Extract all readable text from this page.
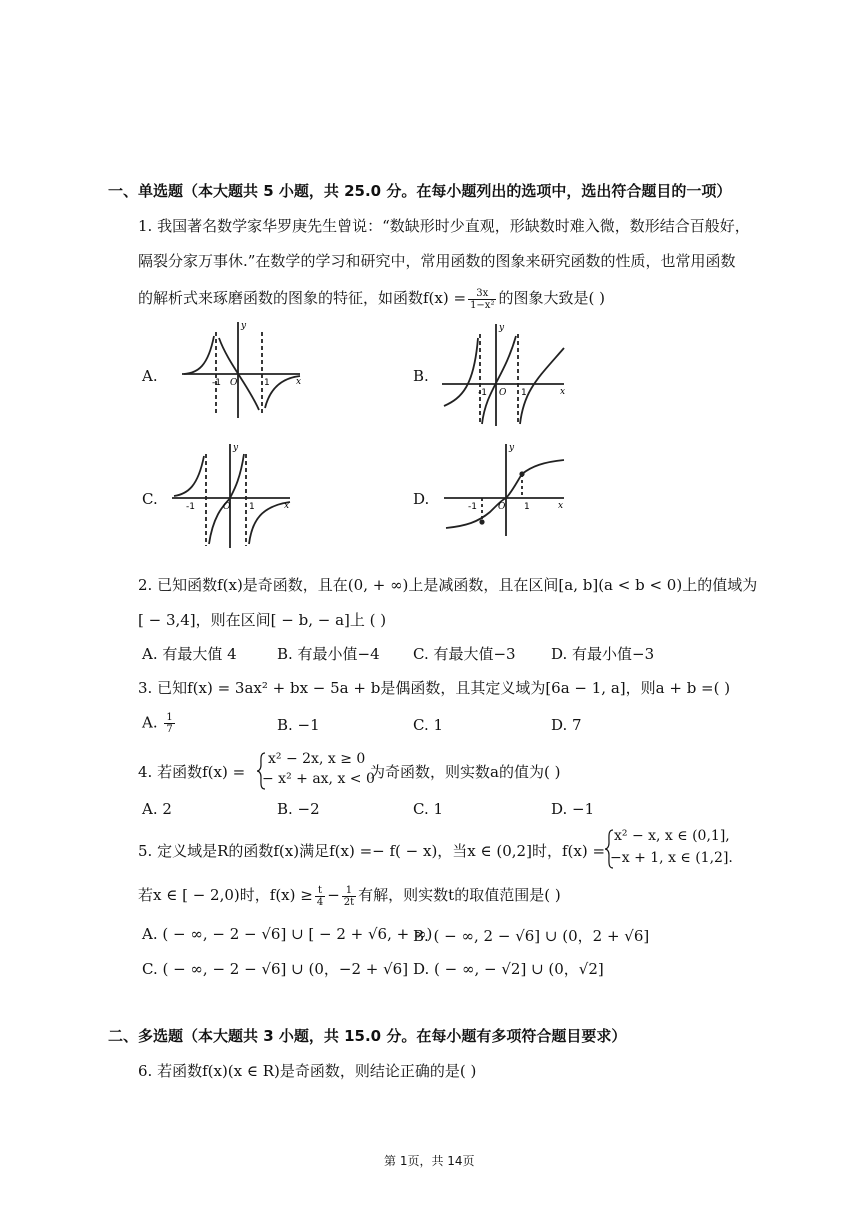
一、单选题（本大题共 5 小题，共 25.0 分。在每小题列出的选项中，选出符合题目的一项）
1. 我国著名数学家华罗庚先生曾说：“数缺形时少直观，形缺数时难入微，数形结合百般好，
隔裂分家万事休.”在数学的学习和研究中，常用函数的图象来研究函数的性质，也常用函数
的解析式来琢磨函数的图象的特征，如函数$f(x) = \frac{3x}{\text{1−x²}}$ 的图象大致是( )
A.	-1 O	1
y
x	B.
-1 O 1
y
x
C.	-1	O 1
y
x	D.	-1 O 1
y
x
2. 已知函数f(x)是奇函数，且在(0, + ∞)上是减函数，且在区间[a, b](a < b < 0)上的值域为
[ − 3,4]，则在区间[ − b, − a]上 ( )
A. 有最大值 4	B. 有最小值−4 C. 有最大值−3 D. 有最小值−3
3. 已知f(x) = 3ax² + bx − 5a + b是偶函数，且其定义域为[6a − 1, a]，则a + b =( )
A. $\frac{1}{7}$	B. −1	C. 1	D. 7
4. 若函数f(x) =
x² − 2x, x ≥ 0
− x² + ax, x < 0
为奇函数，则实数a的值为( )
A. 2	B. −2	C. 1	D. −1
5. 定义域是R的函数f(x)满足f(x) =− f( − x)，当x ∈ (0,2]时，f(x) =
x² − x, x ∈ (0,1],
−x + 1, x ∈ (1,2].
若x ∈ [ − 2,0)时，$f(x) \ge \frac{t}{4} - \frac{1}{2t}$ 有解，则实数t的取值范围是( )
A. ( − ∞, − 2 − √6] ∪ [ − 2 + √6, + ∞)
B. ( − ∞, 2 − √6] ∪ (0，2 + √6]
C. ( − ∞, − 2 − √6] ∪ (0，−2 + √6] D. ( − ∞, − √2] ∪ (0，√2]
二、多选题（本大题共 3 小题，共 15.0 分。在每小题有多项符合题目要求）
6. 若函数f(x)(x ∈ R)是奇函数，则结论正确的是( )
第 1页，共 14页
